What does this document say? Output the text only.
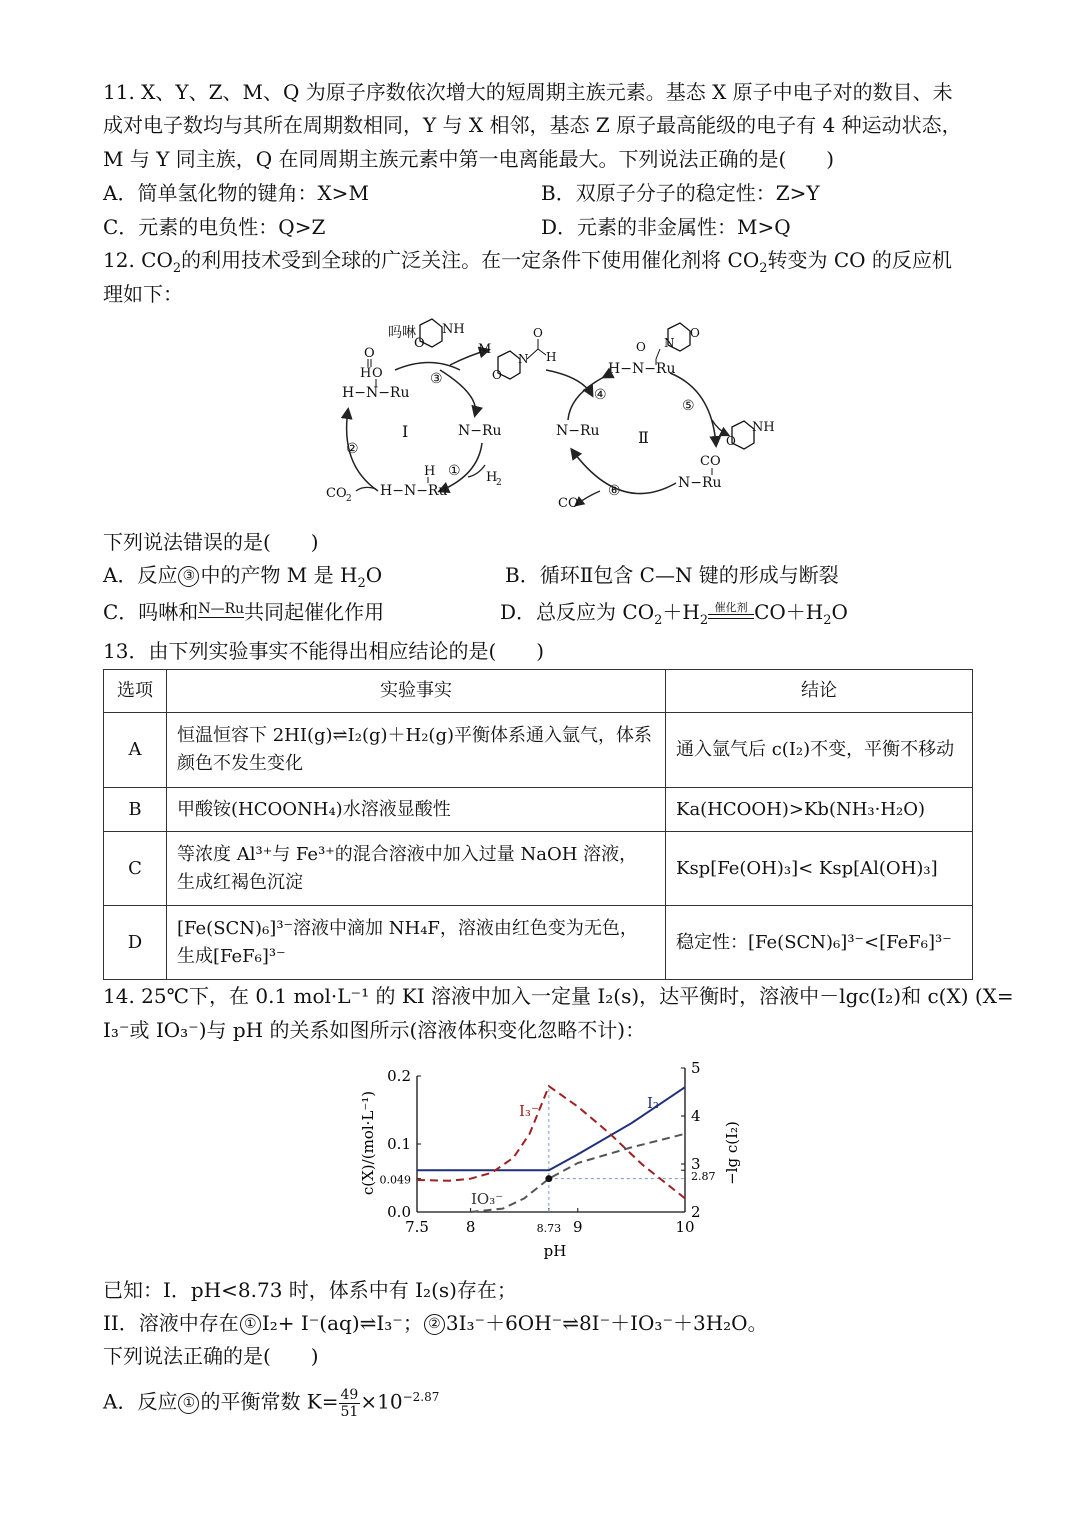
11. X、Y、Z、M、Q 为原子序数依次增大的短周期主族元素。基态 X 原子中电子对的数目、未
成对电子数均与其所在周期数相同，Y 与 X 相邻，基态 Z 原子最高能级的电子有 4 种运动状态，
M 与 Y 同主族，Q 在同周期主族元素中第一电离能最大。下列说法正确的是(　　)
A．简单氢化物的键角：X>M	B．双原子分子的稳定性：Z>Y
C．元素的电负性：Q>Z	D．元素的非金属性：M>Q
12. $CO_2$的利用技术受到全球的广泛关注。在一定条件下使用催化剂将 $CO_2$转变为 CO 的反应机
理如下：
吗啉 NH
O
O
H O
H−N−Ru
③
M
Ⅰ	N−Ru
① H
2
H
H−N−Ru
②
CO 2
N
O
O
H
H−N−Ru
N
O
O
④
N−Ru Ⅱ
⑤
NH
O
CO
N−Ru
⑥
CO
下列说法错误的是(　　)
A．反应 ③ 中的产物 M 是 $H_2O$	B．循环Ⅱ包含 C—N 键的形成与断裂
C．吗啉和$^{N—Ru}$共同起催化作用	D．总反应为 $CO_2+H_2$
催化剂 $CO+H_2O$
13．由下列实验事实不能得出相应结论的是(　　)
选项	实验事实	结论
A	恒温恒容下 2HI(g)⇌I₂(g)＋H₂(g)平衡体系通入氩气，体系颜色不发生变化	通入氩气后 c(I₂)不变，平衡不移动
B	甲酸铵(HCOONH₄)水溶液显酸性	Ka(HCOOH)>Kb(NH₃·H₂O)
C	等浓度 Al³⁺与 Fe³⁺的混合溶液中加入过量 NaOH 溶液，生成红褐色沉淀	Ksp[Fe(OH)₃]< Ksp[Al(OH)₃]
D	[Fe(SCN)₆]³⁻溶液中滴加 NH₄F，溶液由红色变为无色，生成[FeF₆]³⁻	稳定性：[Fe(SCN)₆]³⁻<[FeF₆]³⁻
14. 25℃下，在 0.1 mol·L⁻¹ 的 KI 溶液中加入一定量 I₂(s)，达平衡时，溶液中－lgc(I₂)和 c(X) (X=
I₃⁻或 IO₃⁻)与 pH 的关系如图所示(溶液体积变化忽略不计)：
pH
c(X)/(mol·L⁻¹)	−lg c(I₂)
7.5 8	8.73 9	10
0.0
0.049
0.1
0.2
2
2.87
3
4
5
I₂
I₃⁻
IO₃⁻
已知：I．pH<8.73 时，体系中有 I₂(s)存在；
II．溶液中存在 ① I₂+ I⁻(aq)⇌I₃⁻； ② 3I₃⁻＋6OH⁻⇌8I⁻＋IO₃⁻＋3H₂O。
下列说法正确的是(　　)
A．反应 ① 的平衡常数 $K= \frac{49}{51} \times 10^{-2.87}$
